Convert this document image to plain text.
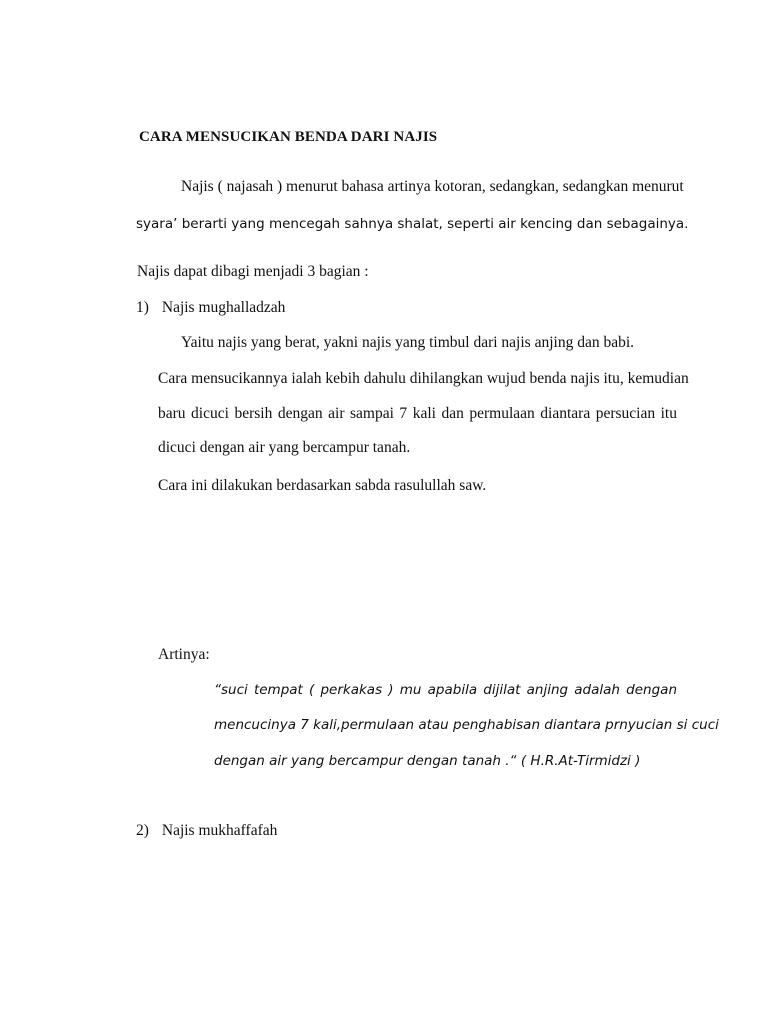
CARA MENSUCIKAN BENDA DARI NAJIS
Najis ( najasah ) menurut bahasa artinya kotoran, sedangkan, sedangkan menurut
syara’ berarti yang mencegah sahnya shalat, seperti air kencing dan sebagainya.
Najis dapat dibagi menjadi 3 bagian :
1) Najis mughalladzah
Yaitu najis yang berat, yakni najis yang timbul dari najis anjing dan babi.
Cara mensucikannya ialah kebih dahulu dihilangkan wujud benda najis itu, kemudian
baru dicuci bersih dengan air sampai 7 kali dan permulaan diantara persucian itu
dicuci dengan air yang bercampur tanah.
Cara ini dilakukan berdasarkan sabda rasulullah saw.
Artinya:
“suci tempat ( perkakas ) mu apabila dijilat anjing adalah dengan
mencucinya 7 kali,permulaan atau penghabisan diantara prnyucian si cuci
dengan air yang bercampur dengan tanah .“ ( H.R.At-Tirmidzi )
2) Najis mukhaffafah
